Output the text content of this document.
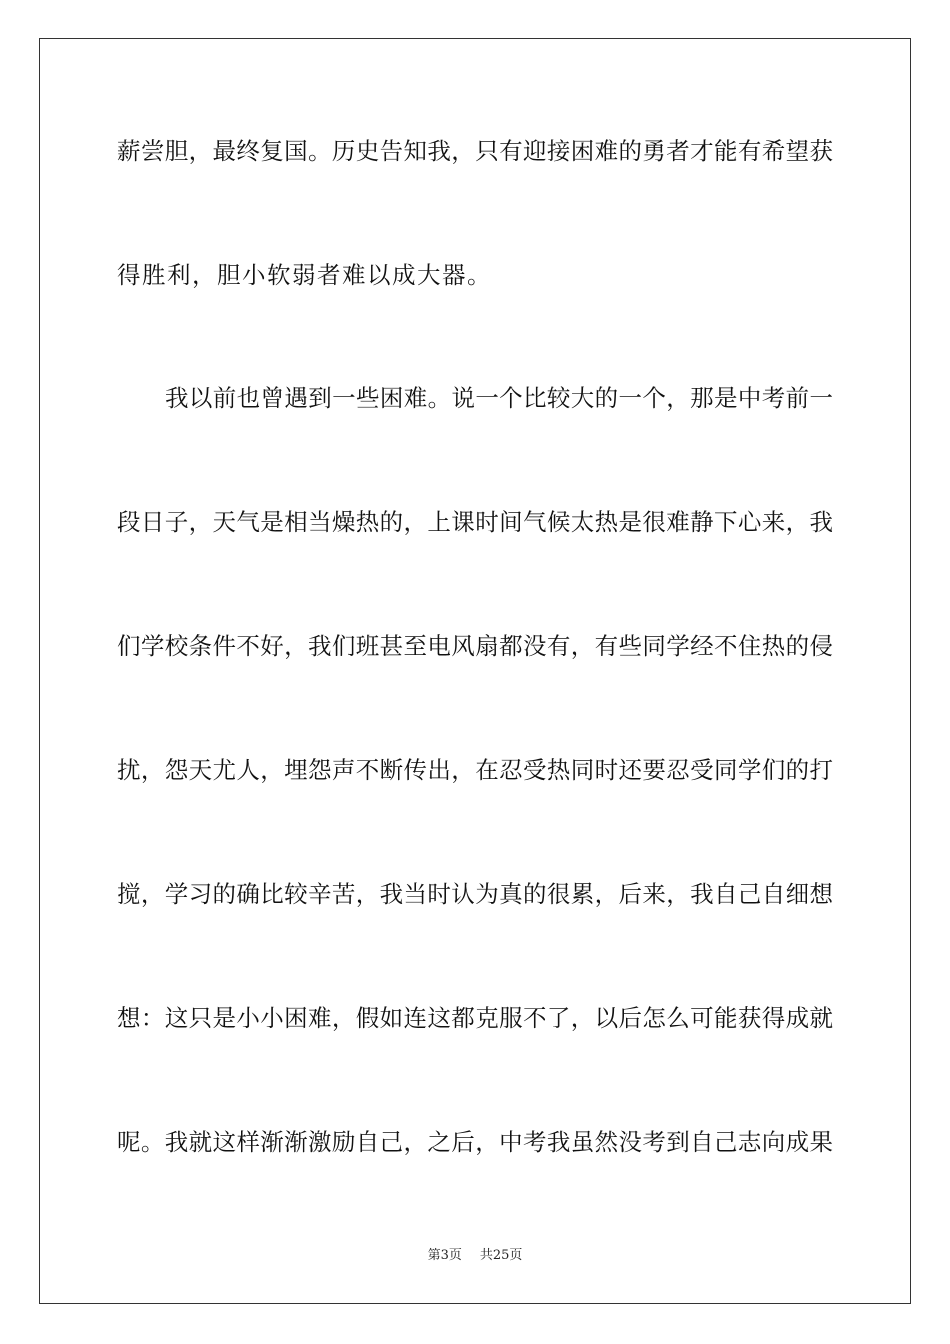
薪尝胆，最终复国。历史告知我，只有迎接困难的勇者才能有希望获
得胜利，胆小软弱者难以成大器。
我以前也曾遇到一些困难。说一个比较大的一个，那是中考前一
段日子，天气是相当燥热的，上课时间气候太热是很难静下心来，我
们学校条件不好，我们班甚至电风扇都没有，有些同学经不住热的侵
扰，怨天尤人，埋怨声不断传出，在忍受热同时还要忍受同学们的打
搅，学习的确比较辛苦，我当时认为真的很累，后来，我自己自细想
想：这只是小小困难，假如连这都克服不了，以后怎么可能获得成就
呢。我就这样渐渐激励自己，之后，中考我虽然没考到自己志向成果
第3页 共25页
